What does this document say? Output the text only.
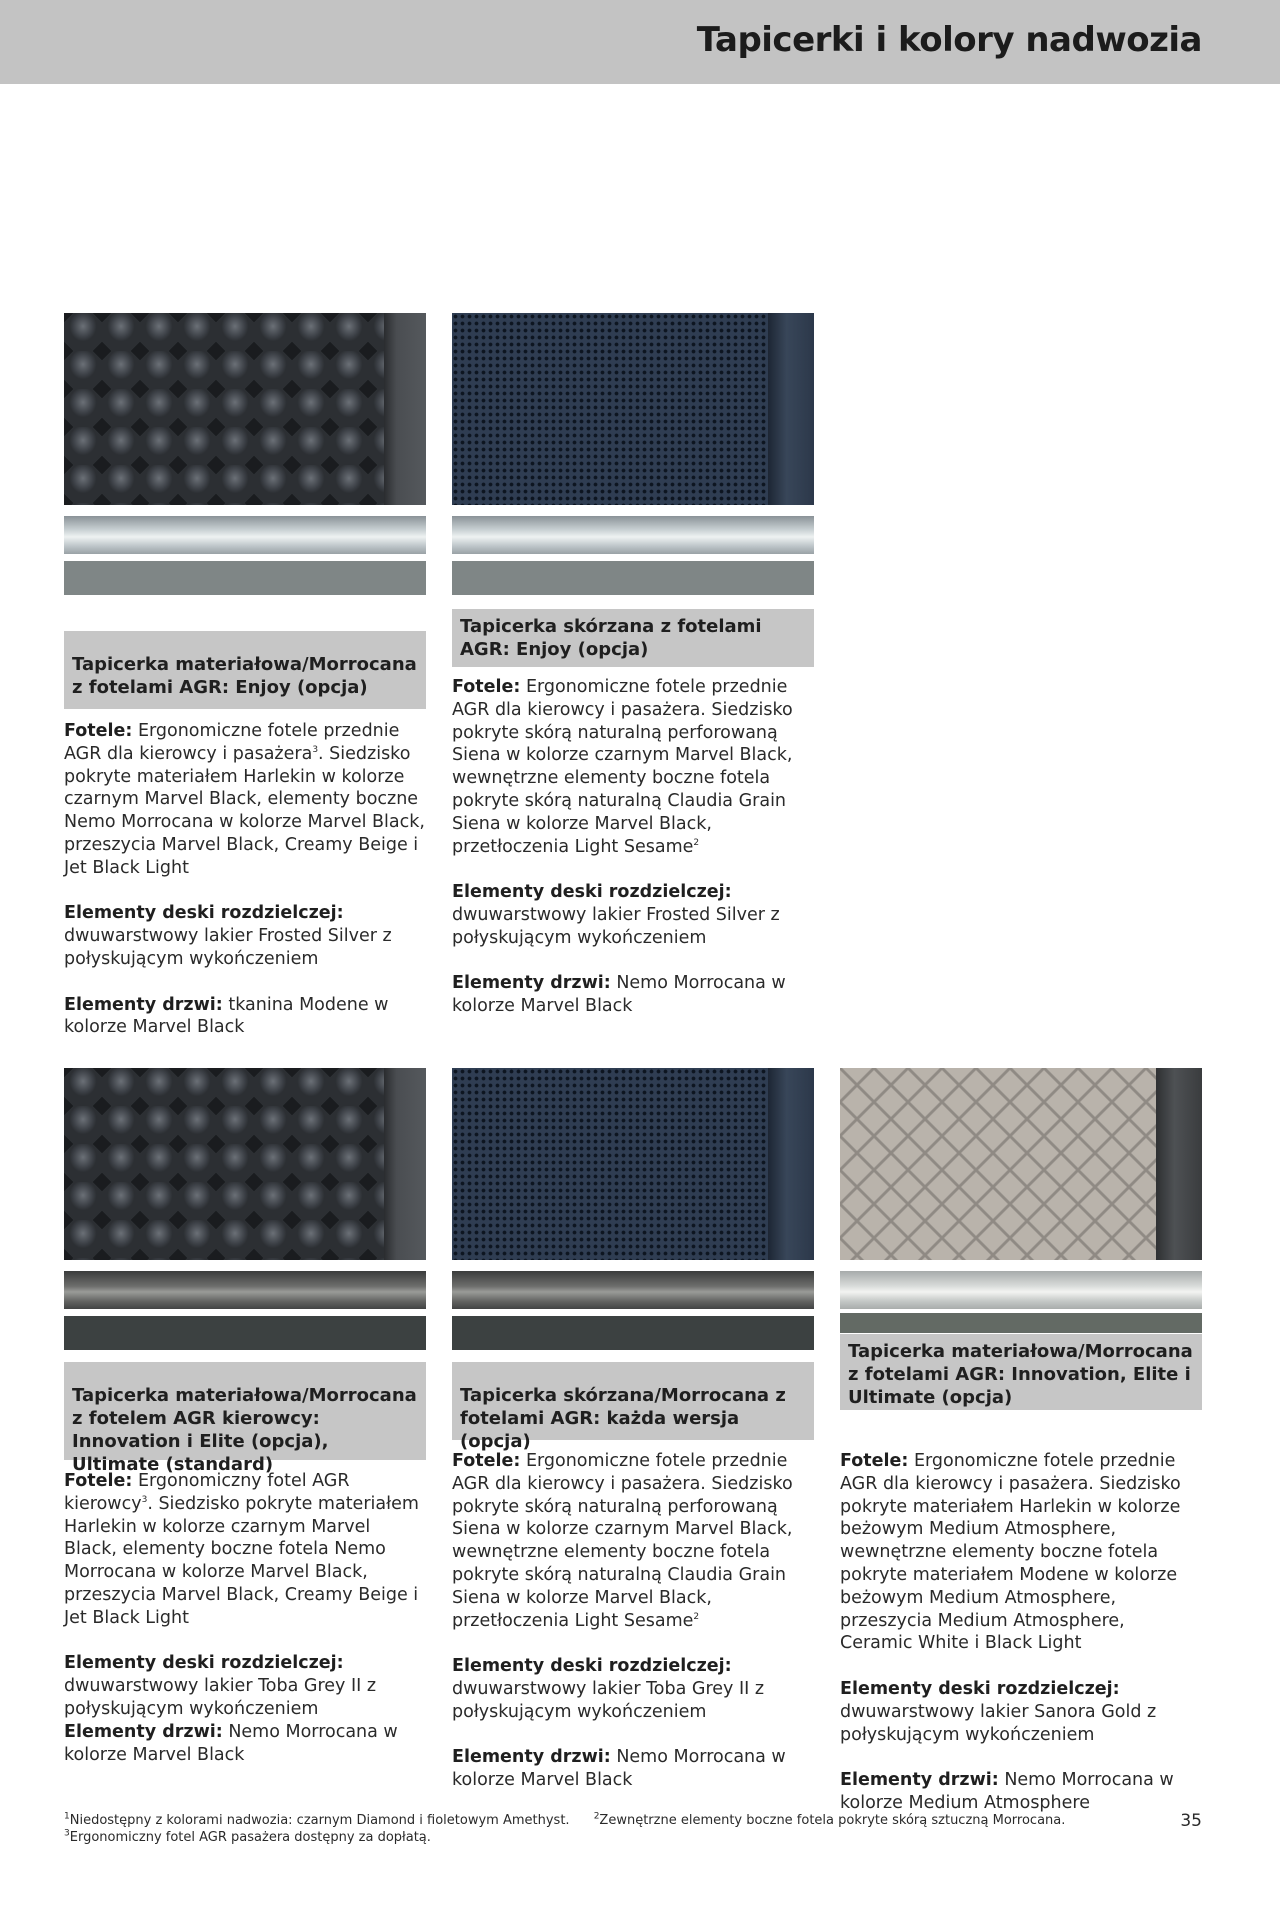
Tapicerki i kolory nadwozia
Tapicerka materiałowa/Morrocana z fotelami AGR: Enjoy (opcja)

Fotele: Ergonomiczne fotele przednie AGR dla kierowcy i pasażera$^3$. Siedzisko pokryte materiałem Harlekin w kolorze czarnym Marvel Black, elementy boczne Nemo Morrocana w kolorze Marvel Black, przeszycia Marvel Black, Creamy Beige i Jet Black Light

Elementy deski rozdzielczej: dwuwarstwowy lakier Frosted Silver z połyskującym wykończeniem

Elementy drzwi: tkanina Modene w kolorze Marvel Black

Tapicerka skórzana z fotelami AGR: Enjoy (opcja)

Fotele: Ergonomiczne fotele przednie AGR dla kierowcy i pasażera. Siedzisko pokryte skórą naturalną perforowaną Siena w kolorze czarnym Marvel Black, wewnętrzne elementy boczne fotela pokryte skórą naturalną Claudia Grain Siena w kolorze Marvel Black, przetłoczenia Light Sesame$^2$

Elementy deski rozdzielczej: dwuwarstwowy lakier Frosted Silver z połyskującym wykończeniem

Elementy drzwi: Nemo Morrocana w kolorze Marvel Black

Tapicerka materiałowa/Morrocana z fotelem AGR kierowcy: Innovation i Elite (opcja), Ultimate (standard)

Fotele: Ergonomiczny fotel AGR kierowcy$^3$. Siedzisko pokryte materiałem Harlekin w kolorze czarnym Marvel Black, elementy boczne fotela Nemo Morrocana w kolorze Marvel Black, przeszycia Marvel Black, Creamy Beige i Jet Black Light

Elementy deski rozdzielczej: dwuwarstwowy lakier Toba Grey II z połyskującym wykończeniem

Elementy drzwi: Nemo Morrocana w kolorze Marvel Black

Tapicerka skórzana/Morrocana z fotelami AGR: każda wersja (opcja)

Fotele: Ergonomiczne fotele przednie AGR dla kierowcy i pasażera. Siedzisko pokryte skórą naturalną perforowaną Siena w kolorze czarnym Marvel Black, wewnętrzne elementy boczne fotela pokryte skórą naturalną Claudia Grain Siena w kolorze Marvel Black, przetłoczenia Light Sesame$^2$

Elementy deski rozdzielczej: dwuwarstwowy lakier Toba Grey II z połyskującym wykończeniem

Elementy drzwi: Nemo Morrocana w kolorze Marvel Black

Tapicerka materiałowa/Morrocana z fotelami AGR: Innovation, Elite i Ultimate (opcja)

Fotele: Ergonomiczne fotele przednie AGR dla kierowcy i pasażera. Siedzisko pokryte materiałem Harlekin w kolorze beżowym Medium Atmosphere, wewnętrzne elementy boczne fotela pokryte materiałem Modene w kolorze beżowym Medium Atmosphere, przeszycia Medium Atmosphere, Ceramic White i Black Light

Elementy deski rozdzielczej: dwuwarstwowy lakier Sanora Gold z połyskującym wykończeniem

Elementy drzwi: Nemo Morrocana w kolorze Medium Atmosphere

$^1$Niedostępny z kolorami nadwozia: czarnym Diamond i fioletowym Amethyst.	$^2$Zewnętrzne elementy boczne fotela pokryte skórą sztuczną Morrocana.
$^3$Ergonomiczny fotel AGR pasażera dostępny za dopłatą.
35
